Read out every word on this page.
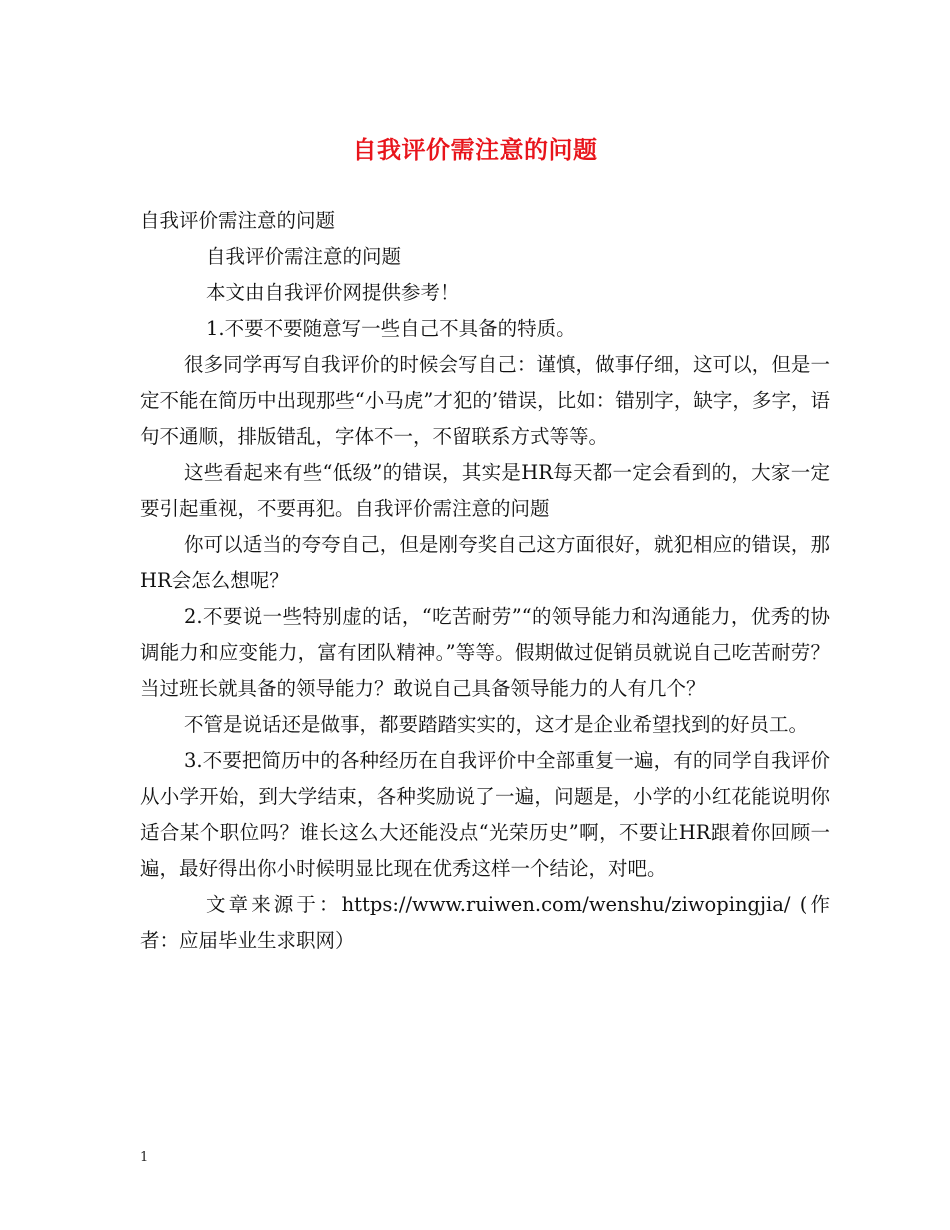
自我评价需注意的问题

自我评价需注意的问题

自我评价需注意的问题

本文由自我评价网提供参考！

1.不要不要随意写一些自己不具备的特质。

很多同学再写自我评价的时候会写自己：谨慎，做事仔细，这可以，但是一定不能在简历中出现那些“小马虎”才犯的’错误，比如：错别字，缺字，多字，语句不通顺，排版错乱，字体不一，不留联系方式等等。

这些看起来有些“低级”的错误，其实是HR每天都一定会看到的，大家一定要引起重视，不要再犯。自我评价需注意的问题

你可以适当的夸夸自己，但是刚夸奖自己这方面很好，就犯相应的错误，那HR会怎么想呢？

2.不要说一些特别虚的话，“吃苦耐劳”“的领导能力和沟通能力，优秀的协调能力和应变能力，富有团队精神。”等等。假期做过促销员就说自己吃苦耐劳？当过班长就具备的领导能力？敢说自己具备领导能力的人有几个？

不管是说话还是做事，都要踏踏实实的，这才是企业希望找到的好员工。

3.不要把简历中的各种经历在自我评价中全部重复一遍，有的同学自我评价从小学开始，到大学结束，各种奖励说了一遍，问题是，小学的小红花能说明你适合某个职位吗？谁长这么大还能没点“光荣历史”啊，不要让HR跟着你回顾一遍，最好得出你小时候明显比现在优秀这样一个结论，对吧。

文章来源于：https://www.ruiwen.com/wenshu/ziwopingjia/ (作者：应届毕业生求职网）

1
